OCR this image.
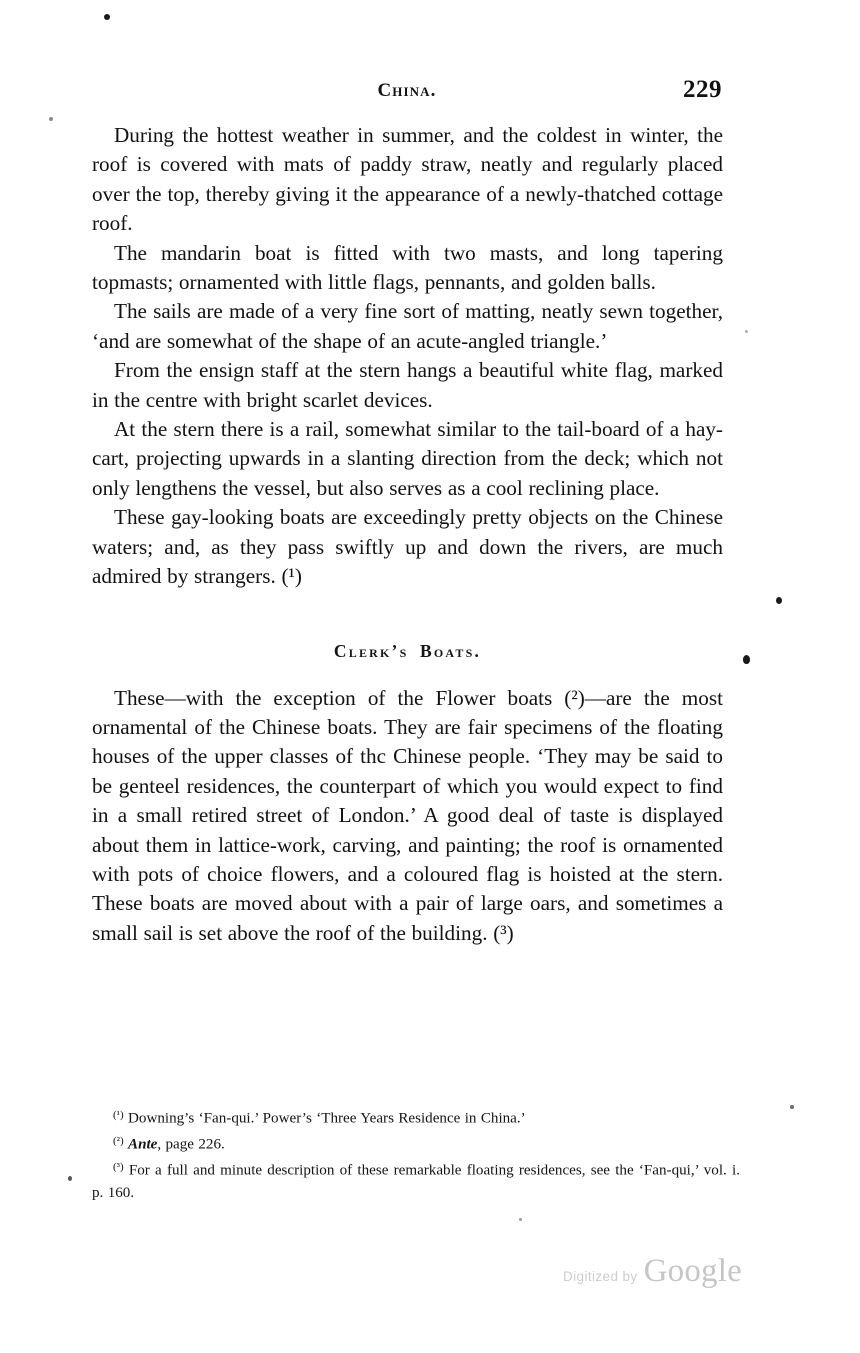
China.	229

During the hottest weather in summer, and the coldest in winter, the roof is covered with mats of paddy straw, neatly and regularly placed over the top, thereby giving it the appearance of a newly-thatched cottage roof.

The mandarin boat is fitted with two masts, and long tapering topmasts; ornamented with little flags, pennants, and golden balls.

The sails are made of a very fine sort of matting, neatly sewn together, ‘and are somewhat of the shape of an acute-angled triangle.’

From the ensign staff at the stern hangs a beautiful white flag, marked in the centre with bright scarlet devices.

At the stern there is a rail, somewhat similar to the tail-board of a hay-cart, projecting upwards in a slanting direction from the deck; which not only lengthens the vessel, but also serves as a cool reclining place.

These gay-looking boats are exceedingly pretty objects on the Chinese waters; and, as they pass swiftly up and down the rivers, are much admired by strangers. (¹)

Clerk’s Boats.

These—with the exception of the Flower boats (²)—are the most ornamental of the Chinese boats. They are fair specimens of the floating houses of the upper classes of thc Chinese people. ‘They may be said to be genteel residences, the counterpart of which you would expect to find in a small retired street of London.’ A good deal of taste is displayed about them in lattice-work, carving, and painting; the roof is ornamented with pots of choice flowers, and a coloured flag is hoisted at the stern. These boats are moved about with a pair of large oars, and sometimes a small sail is set above the roof of the building. (³)

$^{(^1)}$ Downing’s ‘Fan-qui.’ Power’s ‘Three Years Residence in China.’

$^{(^2)}$ Ante, page 226.

$^{(^3)}$ For a full and minute description of these remarkable floating residences, see the ‘Fan-qui,’ vol. i. p. 160.

Digitized by Google
